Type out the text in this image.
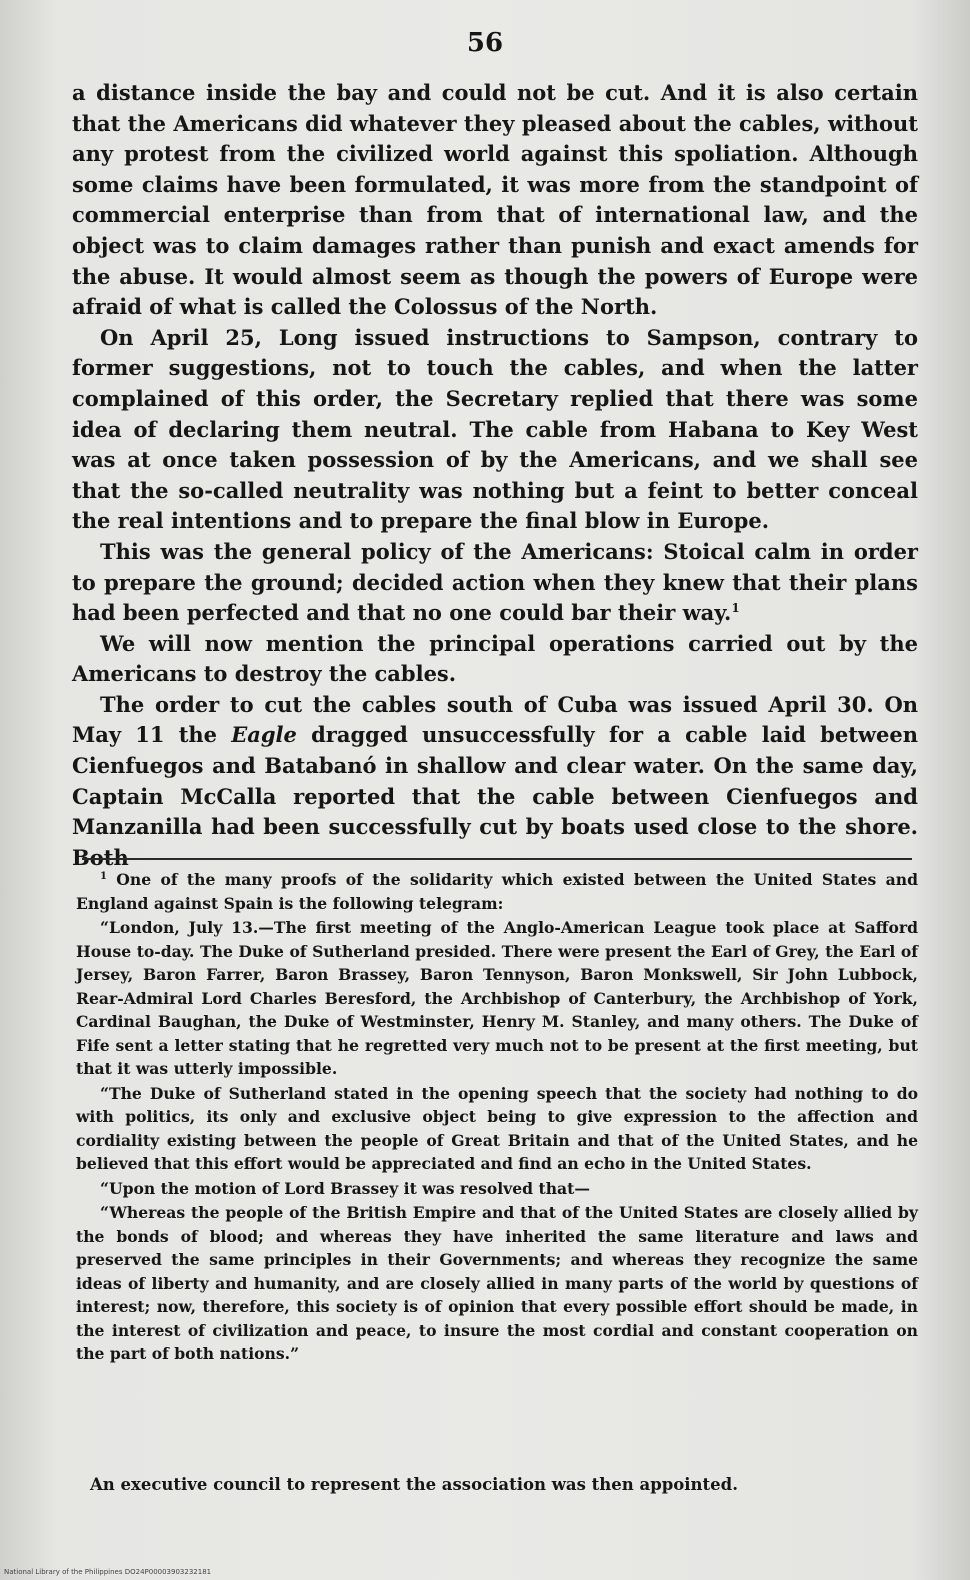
56

a distance inside the bay and could not be cut. And it is also certain that the Americans did whatever they pleased about the cables, without any protest from the civilized world against this spoliation. Although some claims have been formulated, it was more from the standpoint of commercial enterprise than from that of international law, and the object was to claim damages rather than punish and exact amends for the abuse. It would almost seem as though the powers of Europe were afraid of what is called the Colossus of the North.

On April 25, Long issued instructions to Sampson, contrary to former suggestions, not to touch the cables, and when the latter complained of this order, the Secretary replied that there was some idea of declaring them neutral. The cable from Habana to Key West was at once taken possession of by the Americans, and we shall see that the so-called neutrality was nothing but a feint to better conceal the real intentions and to prepare the final blow in Europe.

This was the general policy of the Americans: Stoical calm in order to prepare the ground; decided action when they knew that their plans had been perfected and that no one could bar their way.$^1$

We will now mention the principal operations carried out by the Americans to destroy the cables.

The order to cut the cables south of Cuba was issued April 30. On May 11 the Eagle dragged unsuccessfully for a cable laid between Cienfuegos and Batabanó in shallow and clear water. On the same day, Captain McCalla reported that the cable between Cienfuegos and Manzanilla had been successfully cut by boats used close to the shore. Both

$^1$ One of the many proofs of the solidarity which existed between the United States and England against Spain is the following telegram:

“London, July 13.—The first meeting of the Anglo-American League took place at Safford House to-day. The Duke of Sutherland presided. There were present the Earl of Grey, the Earl of Jersey, Baron Farrer, Baron Brassey, Baron Tennyson, Baron Monkswell, Sir John Lubbock, Rear-Admiral Lord Charles Beresford, the Archbishop of Canterbury, the Archbishop of York, Cardinal Baughan, the Duke of Westminster, Henry M. Stanley, and many others. The Duke of Fife sent a letter stating that he regretted very much not to be present at the first meeting, but that it was utterly impossible.

“The Duke of Sutherland stated in the opening speech that the society had nothing to do with politics, its only and exclusive object being to give expression to the affection and cordiality existing between the people of Great Britain and that of the United States, and he believed that this effort would be appreciated and find an echo in the United States.

“Upon the motion of Lord Brassey it was resolved that—

“Whereas the people of the British Empire and that of the United States are closely allied by the bonds of blood; and whereas they have inherited the same literature and laws and preserved the same principles in their Governments; and whereas they recognize the same ideas of liberty and humanity, and are closely allied in many parts of the world by questions of interest; now, therefore, this society is of opinion that every possible effort should be made, in the interest of civilization and peace, to insure the most cordial and constant cooperation on the part of both nations.”

An executive council to represent the association was then appointed.
National Library of the Philippines DO24P00003903232181
